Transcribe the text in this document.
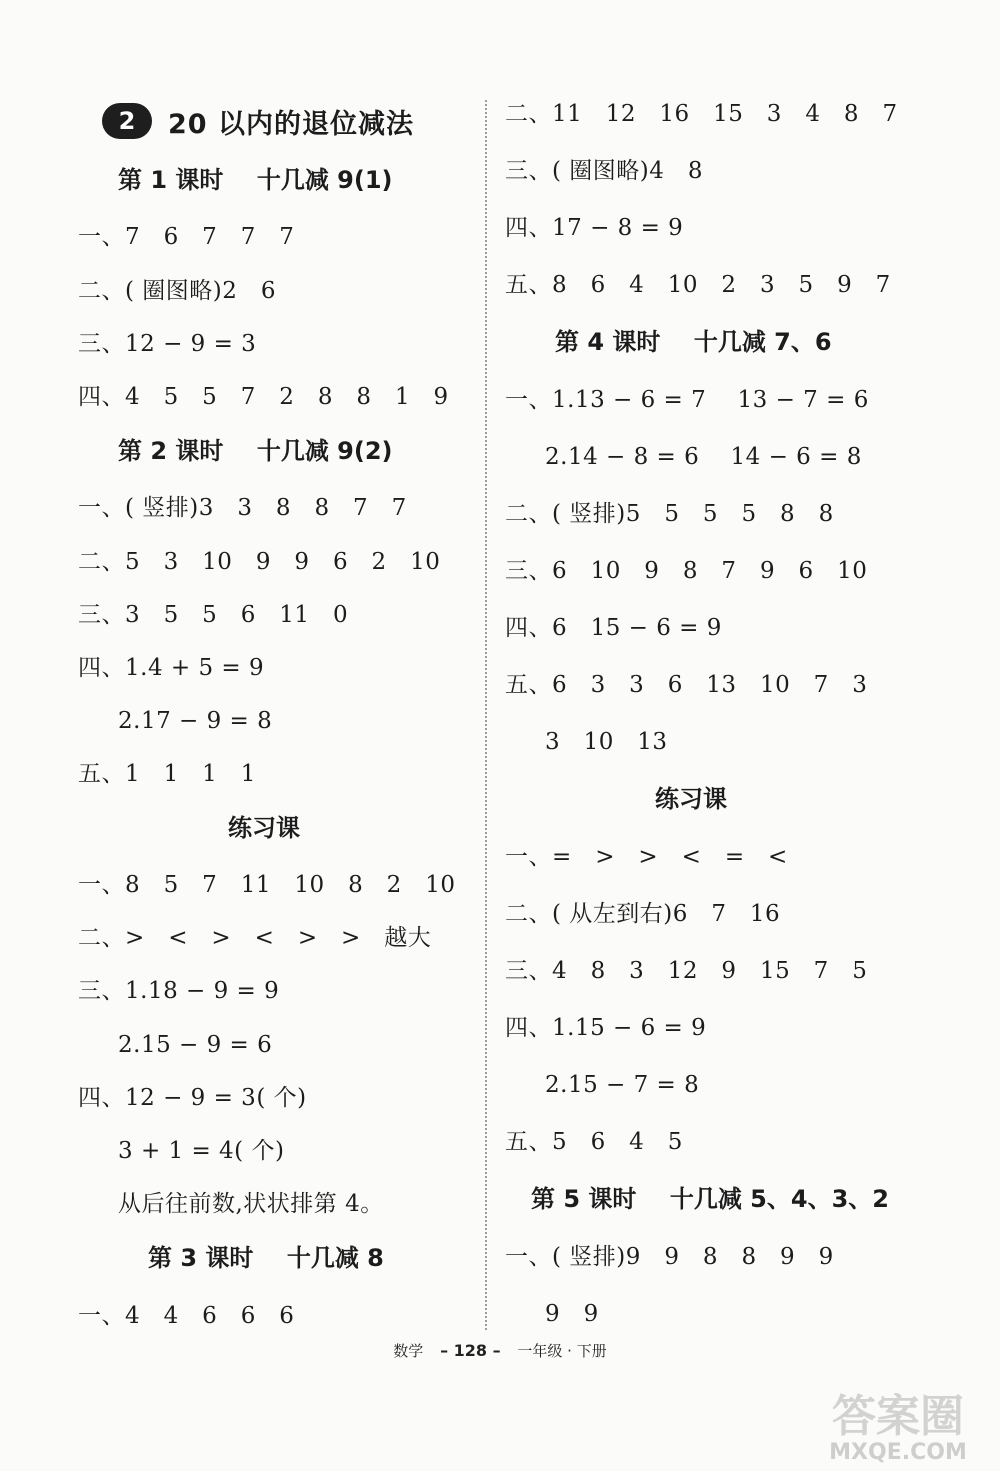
2	20 以内的退位减法
第 1 课时    十几减 9(1)
一、7   6   7   7   7
二、( 圈图略)2   6
三、12 − 9 = 3
四、4   5   5   7   2   8   8   1   9
第 2 课时    十几减 9(2)
一、( 竖排)3   3   8   8   7   7
二、5   3   10   9   9   6   2   10
三、3   5   5   6   11   0
四、1.4 + 5 = 9
2.17 − 9 = 8
五、1   1   1   1
练习课
一、8   5   7   11   10   8   2   10
二、>   <   >   <   >   >   越大
三、1.18 − 9 = 9
2.15 − 9 = 6
四、12 − 9 = 3( 个)
3 + 1 = 4( 个)
从后往前数,状状排第 4。
第 3 课时    十几减 8
一、4   4   6   6   6
二、11   12   16   15   3   4   8   7
三、( 圈图略)4   8
四、17 − 8 = 9
五、8   6   4   10   2   3   5   9   7
第 4 课时    十几减 7、6
一、1.13 − 6 = 7    13 − 7 = 6
2.14 − 8 = 6    14 − 6 = 8
二、( 竖排)5   5   5   5   8   8
三、6   10   9   8   7   9   6   10
四、6   15 − 6 = 9
五、6   3   3   6   13   10   7   3
3   10   13
练习课
一、=   >   >   <   =   <
二、( 从左到右)6   7   16
三、4   8   3   12   9   15   7   5
四、1.15 − 6 = 9
2.15 − 7 = 8
五、5   6   4   5
第 5 课时    十几减 5、4、3、2
一、( 竖排)9   9   8   8   9   9
9   9
数学 – 128 – 一年级 · 下册
答案圈
MXQE.COM
